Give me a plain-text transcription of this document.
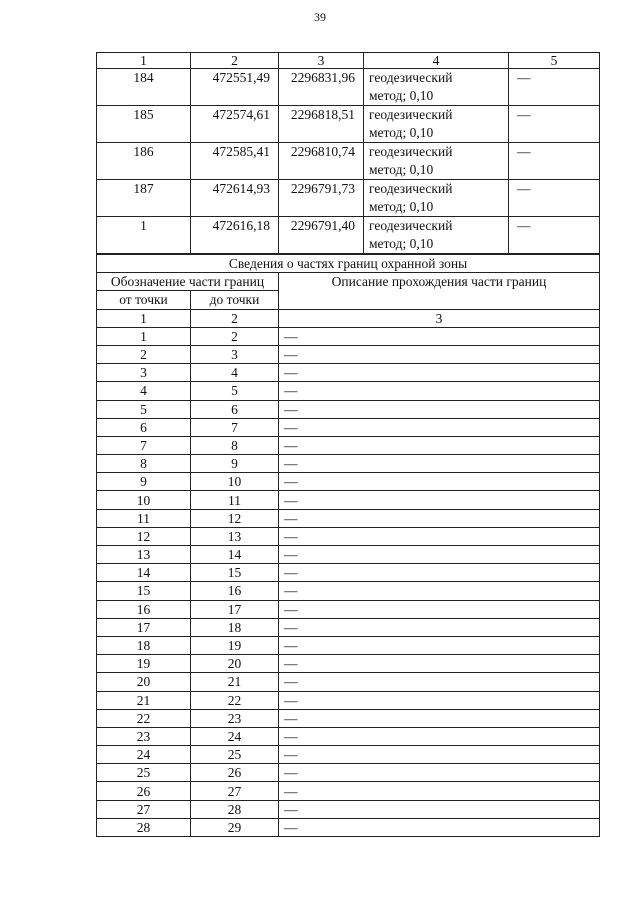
39
1	2	3	4	5
184	472551,49	2296831,96	геодезический
метод; 0,10	—
185	472574,61	2296818,51	геодезический
метод; 0,10	—
186	472585,41	2296810,74	геодезический
метод; 0,10	—
187	472614,93	2296791,73	геодезический
метод; 0,10	—
1	472616,18	2296791,40	геодезический
метод; 0,10	—
Сведения о частях границ охранной зоны		
Обозначение части границ		Описание прохождения части границ
от точки	до точки	
1	2	3
1	2	—
2	3	—
3	4	—
4	5	—
5	6	—
6	7	—
7	8	—
8	9	—
9	10	—
10	11	—
11	12	—
12	13	—
13	14	—
14	15	—
15	16	—
16	17	—
17	18	—
18	19	—
19	20	—
20	21	—
21	22	—
22	23	—
23	24	—
24	25	—
25	26	—
26	27	—
27	28	—
28	29	—
